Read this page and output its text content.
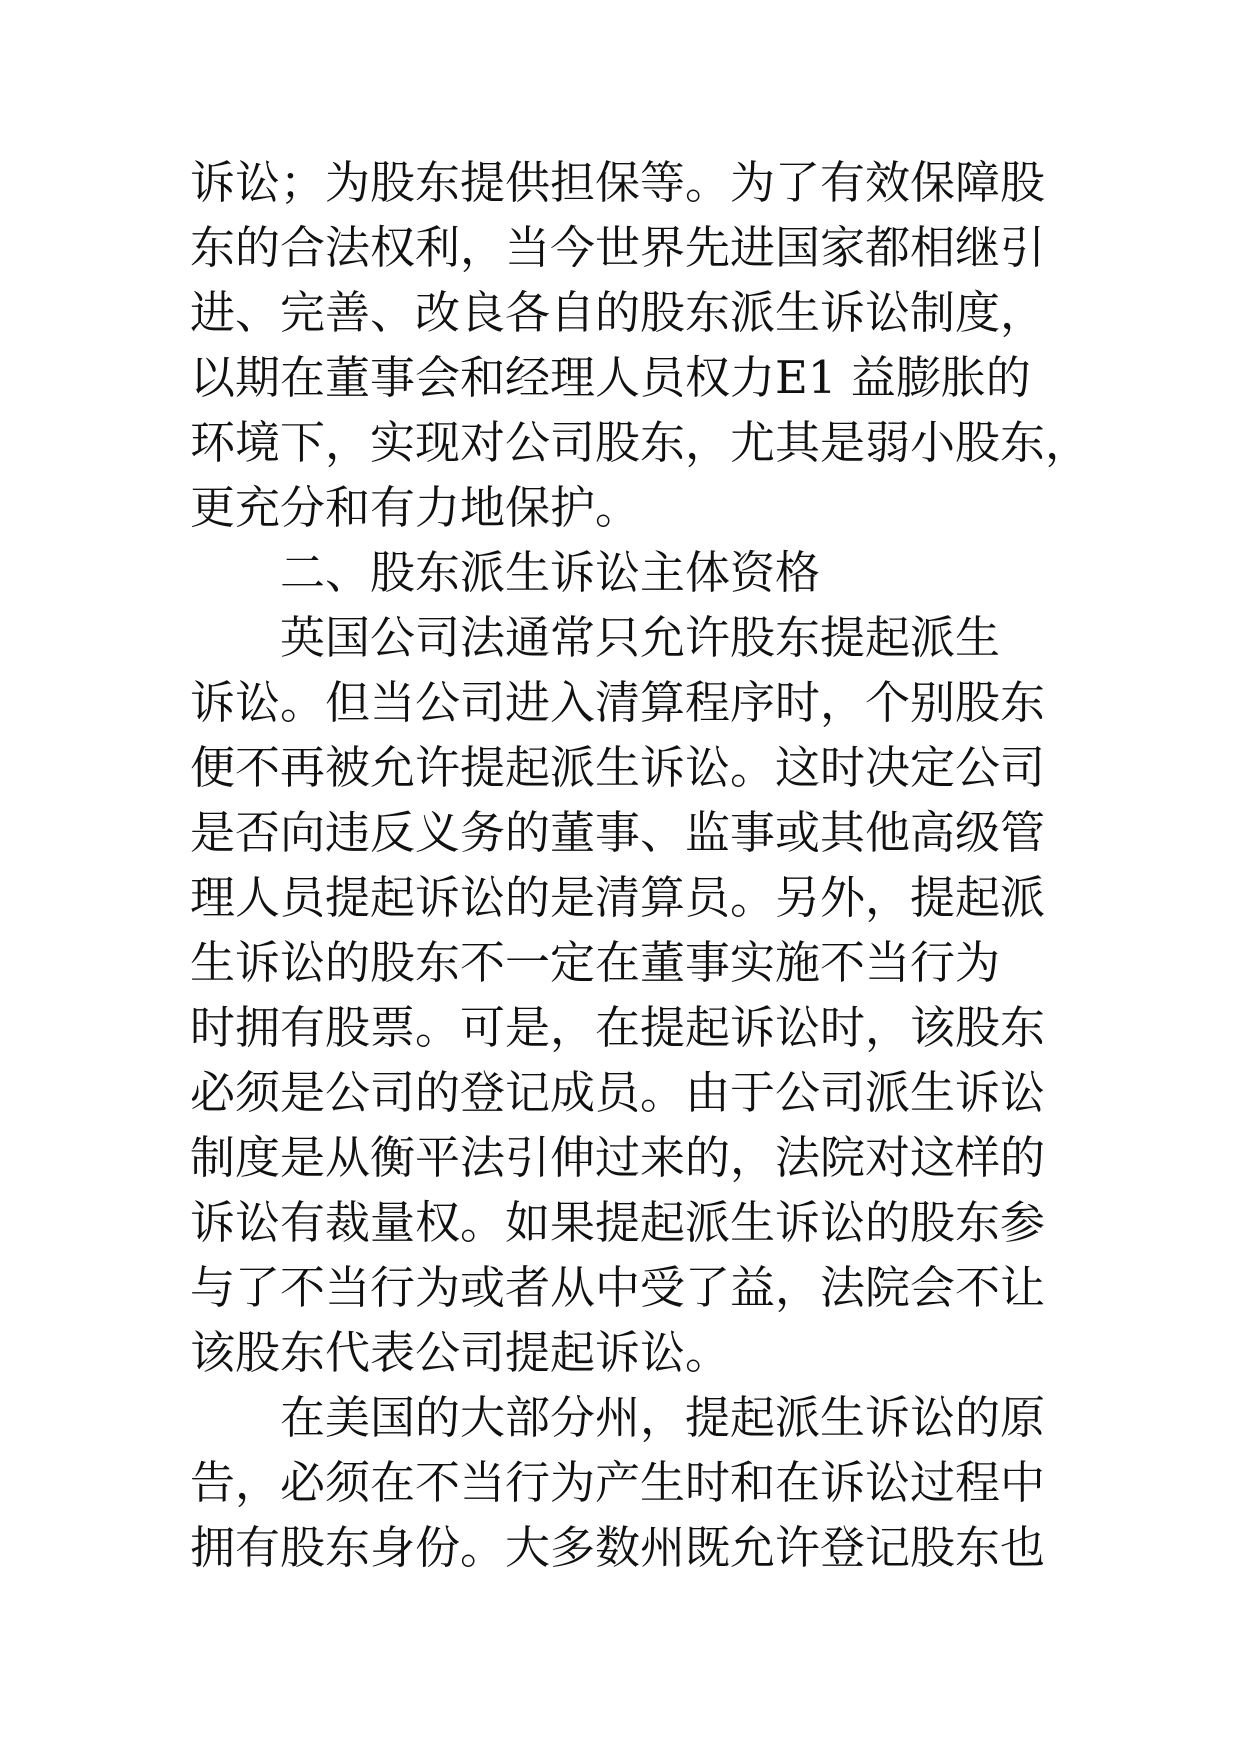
诉讼；为股东提供担保等。为了有效保障股
东的合法权利，当今世界先进国家都相继引
进、完善、改良各自的股东派生诉讼制度，
以期在董事会和经理人员权力E1 益膨胀的
环境下，实现对公司股东，尤其是弱小股东，
更充分和有力地保护。
二、股东派生诉讼主体资格
英国公司法通常只允许股东提起派生
诉讼。但当公司进入清算程序时，个别股东
便不再被允许提起派生诉讼。这时决定公司
是否向违反义务的董事、监事或其他高级管
理人员提起诉讼的是清算员。另外，提起派
生诉讼的股东不一定在董事实施不当行为
时拥有股票。可是，在提起诉讼时，该股东
必须是公司的登记成员。由于公司派生诉讼
制度是从衡平法引伸过来的，法院对这样的
诉讼有裁量权。如果提起派生诉讼的股东参
与了不当行为或者从中受了益，法院会不让
该股东代表公司提起诉讼。
在美国的大部分州，提起派生诉讼的原
告，必须在不当行为产生时和在诉讼过程中
拥有股东身份。大多数州既允许登记股东也
